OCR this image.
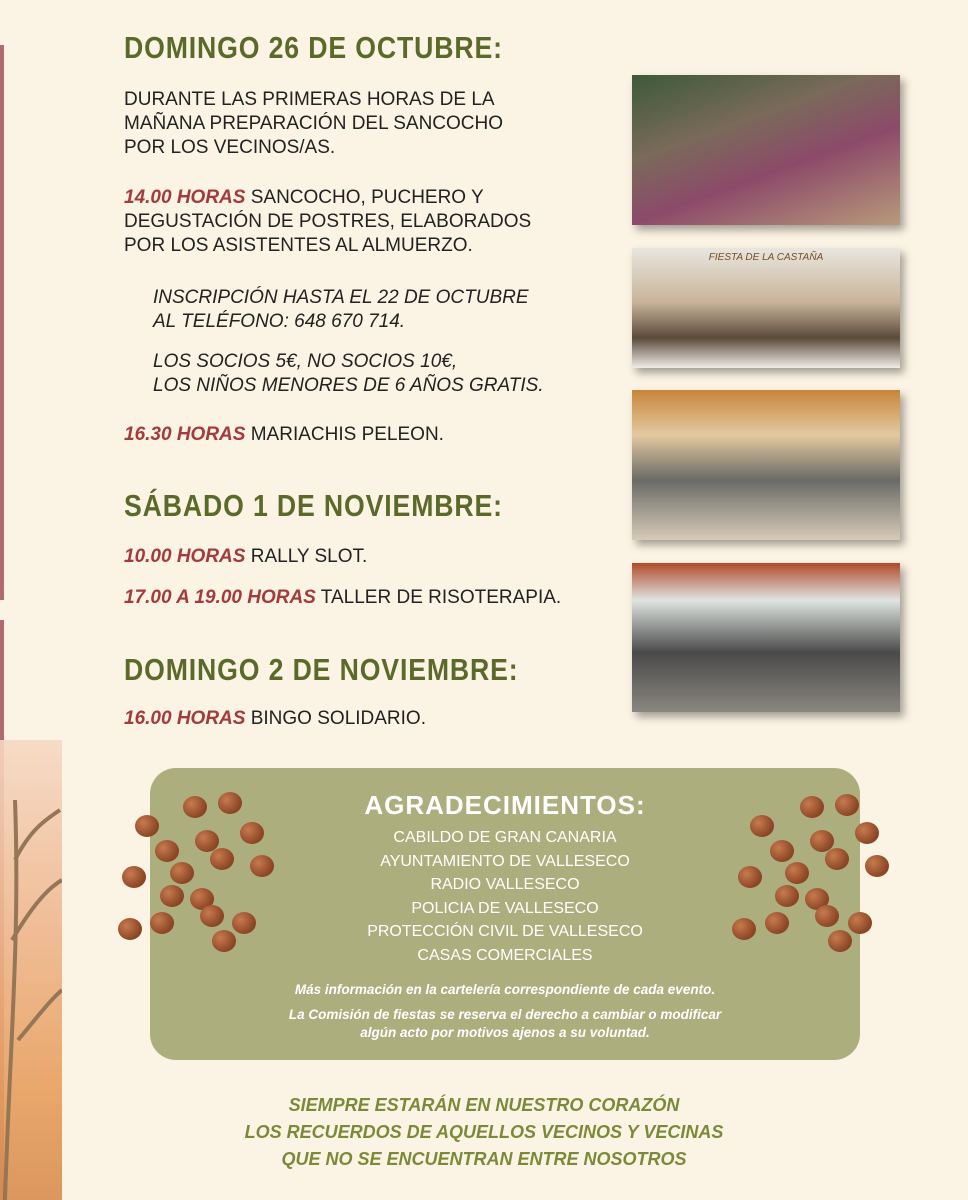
DOMINGO 26 DE OCTUBRE:
DURANTE LAS PRIMERAS HORAS DE LA
MAÑANA PREPARACIÓN DEL SANCOCHO
POR LOS VECINOS/AS.
14.00 HORAS SANCOCHO, PUCHERO Y
DEGUSTACIÓN DE POSTRES, ELABORADOS
POR LOS ASISTENTES AL ALMUERZO.
INSCRIPCIÓN HASTA EL 22 DE OCTUBRE
AL TELÉFONO: 648 670 714.
LOS SOCIOS 5€, NO SOCIOS 10€,
LOS NIÑOS MENORES DE 6 AÑOS GRATIS.
16.30 HORAS MARIACHIS PELEON.
SÁBADO 1 DE NOVIEMBRE:
10.00 HORAS RALLY SLOT.
17.00 A 19.00 HORAS TALLER DE RISOTERAPIA.
DOMINGO 2 DE NOVIEMBRE:
16.00 HORAS BINGO SOLIDARIO.
FIESTA DE LA CASTAÑA
AGRADECIMIENTOS:
CABILDO DE GRAN CANARIA
AYUNTAMIENTO DE VALLESECO
RADIO VALLESECO
POLICIA DE VALLESECO
PROTECCIÓN CIVIL DE VALLESECO
CASAS COMERCIALES
Más información en la cartelería correspondiente de cada evento.
La Comisión de fiestas se reserva el derecho a cambiar o modificar
algún acto por motivos ajenos a su voluntad.
SIEMPRE ESTARÁN EN NUESTRO CORAZÓN
LOS RECUERDOS DE AQUELLOS VECINOS Y VECINAS
QUE NO SE ENCUENTRAN ENTRE NOSOTROS
